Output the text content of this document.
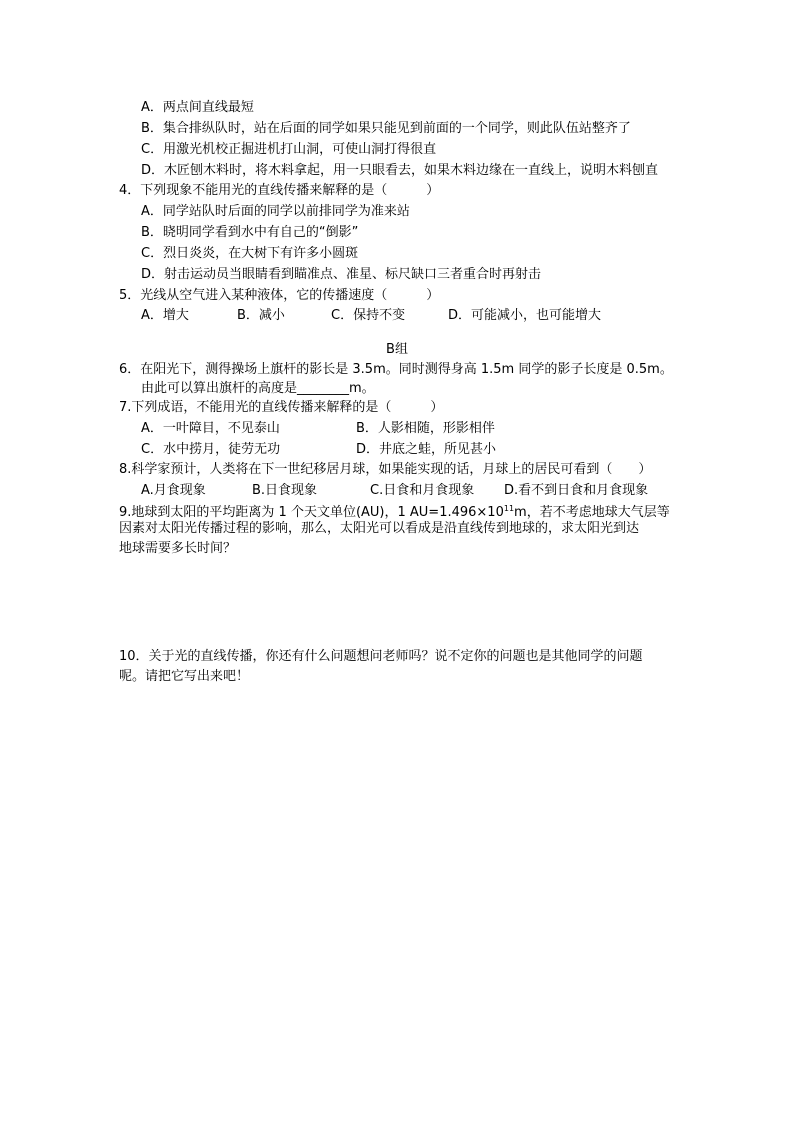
A．两点间直线最短
B．集合排纵队时，站在后面的同学如果只能见到前面的一个同学，则此队伍站整齐了
C．用激光机校正掘进机打山洞，可使山洞打得很直
D．木匠刨木料时，将木料拿起，用一只眼看去，如果木料边缘在一直线上，说明木料刨直
4．下列现象不能用光的直线传播来解释的是（　　　）
A．同学站队时后面的同学以前排同学为准来站
B．晓明同学看到水中有自己的“倒影”
C．烈日炎炎，在大树下有许多小圆斑
D．射击运动员当眼睛看到瞄准点、准星、标尺缺口三者重合时再射击
5．光线从空气进入某种液体，它的传播速度（　　　）
A．增大	B．减小	C．保持不变	D．可能减小，也可能增大
B组
6．在阳光下，测得操场上旗杆的影长是 3.5m。同时测得身高 1.5m 同学的影子长度是 0.5m。
由此可以算出旗杆的高度是________m。
7.下列成语，不能用光的直线传播来解释的是（　　　）
A．一叶障目，不见泰山	B．人影相随，形影相伴
C．水中捞月，徒劳无功	D．井底之蛙，所见甚小
8.科学家预计，人类将在下一世纪移居月球，如果能实现的话，月球上的居民可看到（　　）
A.月食现象	B.日食现象	C.日食和月食现象 D.看不到日食和月食现象
9.地球到太阳的平均距离为 1 个天文单位(AU)，1 $AU=1.496\times 10^{11}m$，若不考虑地球大气层等
因素对太阳光传播过程的影响，那么，太阳光可以看成是沿直线传到地球的，求太阳光到达
地球需要多长时间？
10．关于光的直线传播，你还有什么问题想问老师吗？说不定你的问题也是其他同学的问题
呢。请把它写出来吧！
